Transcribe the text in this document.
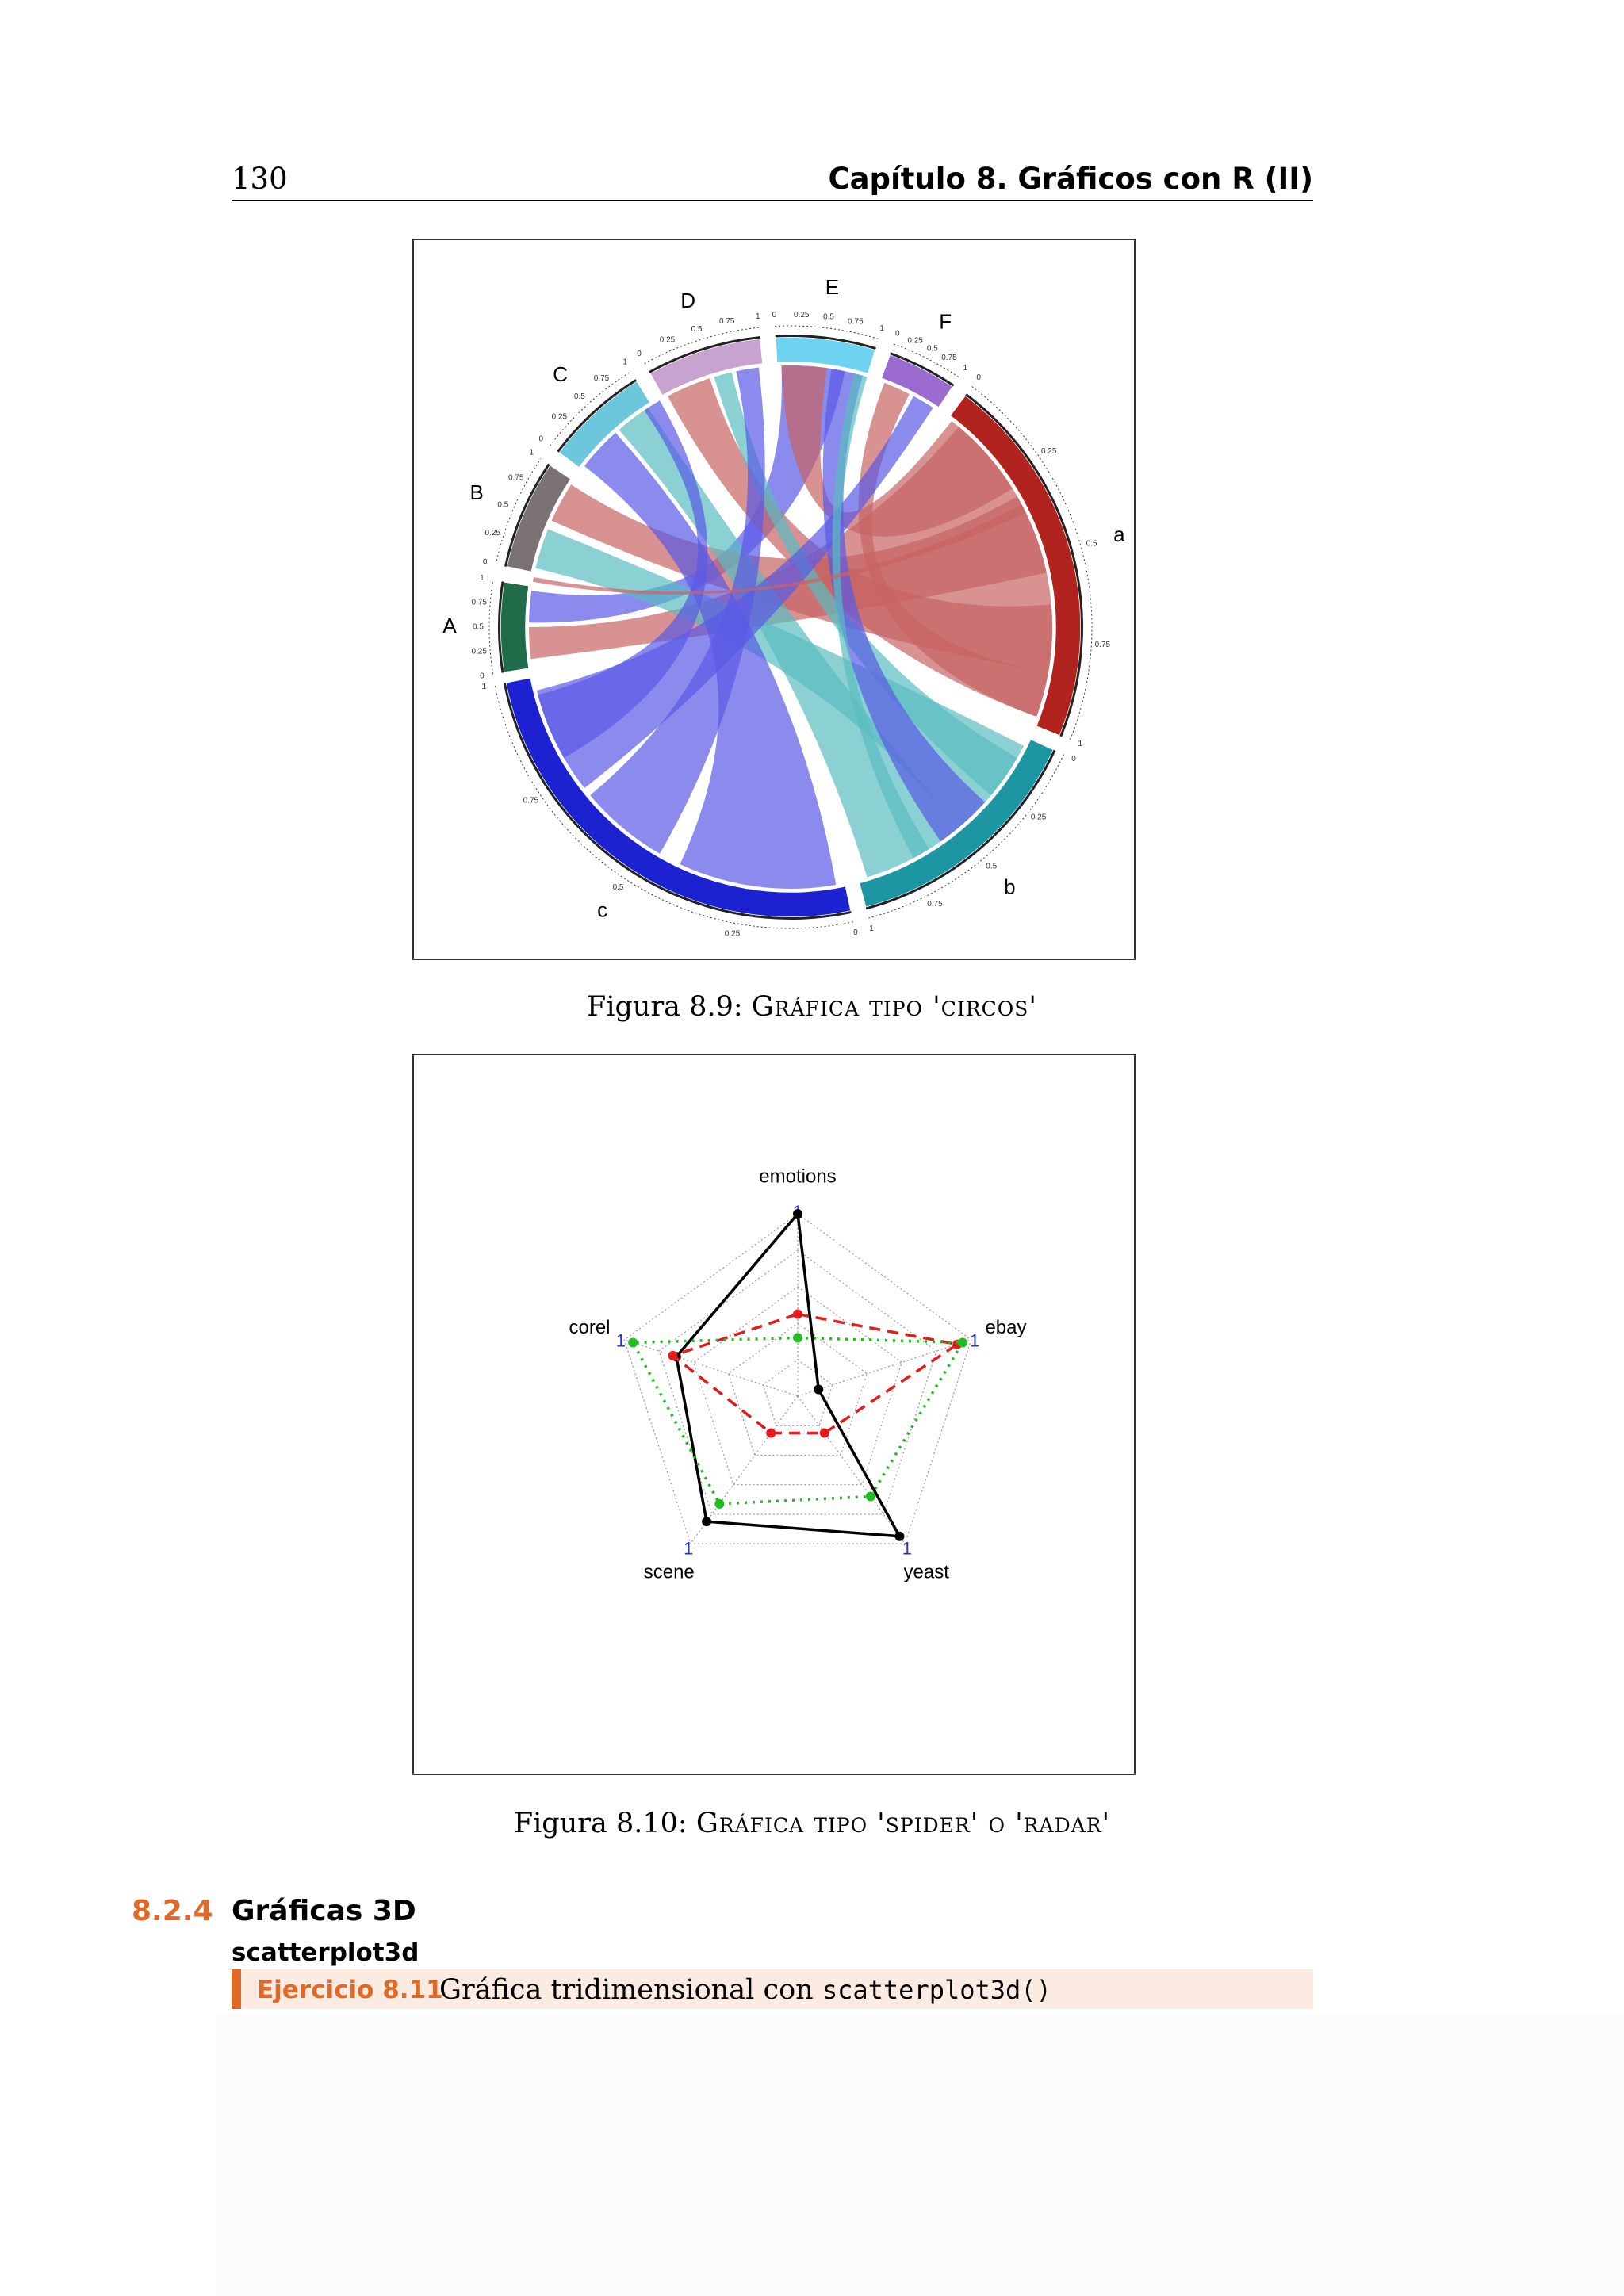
130	Capítulo 8. Gráficos con R (II)
A
0
0.25
0.5
0.75
1
B
0
0.25
0.5
0.75
1
C
0
0.25
0.5
0.75
1
D
0
0.25
0.5
0.75
1
E
0 0.25 0.5
0.75
1	F
0
0.25
0.5
0.75
1
a
0
0.25
0.5
0.75
1
b
0
0.25
0.5
0.75
1
c
0
0.25
0.5
0.75
1
Figura 8.9: Gráfica tipo 'circos'
emotions
ebay
1
yeast
1
scene
1
corel
1
Figura 8.10: Gráfica tipo 'spider' o 'radar'
8.2.4 Gráficas 3D
scatterplot3d
Ejercicio 8.11
Gráfica tridimensional con scatterplot3d()
